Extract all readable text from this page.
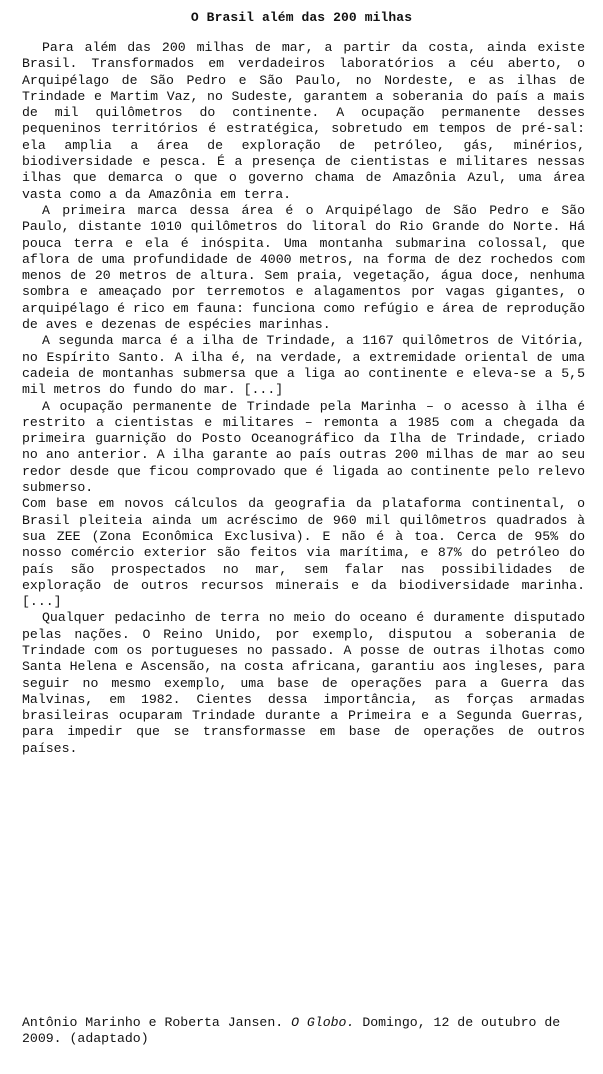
O Brasil além das 200 milhas

Para além das 200 milhas de mar, a partir da costa, ainda existe Brasil. Transformados em verdadeiros laboratórios a céu aberto, o Arquipélago de São Pedro e São Paulo, no Nordeste, e as ilhas de Trindade e Martim Vaz, no Sudeste, garantem a soberania do país a mais de mil quilômetros do continente. A ocupação permanente desses pequeninos territórios é estratégica, sobretudo em tempos de pré-sal: ela amplia a área de exploração de petróleo, gás, minérios, biodiversidade e pesca. É a presença de cientistas e militares nessas ilhas que demarca o que o governo chama de Amazônia Azul, uma área vasta como a da Amazônia em terra.

A primeira marca dessa área é o Arquipélago de São Pedro e São Paulo, distante 1010 quilômetros do litoral do Rio Grande do Norte. Há pouca terra e ela é inóspita. Uma montanha submarina colossal, que aflora de uma profundidade de 4000 metros, na forma de dez rochedos com menos de 20 metros de altura. Sem praia, vegetação, água doce, nenhuma sombra e ameaçado por terremotos e alagamentos por vagas gigantes, o arquipélago é rico em fauna: funciona como refúgio e área de reprodução de aves e dezenas de espécies marinhas.

A segunda marca é a ilha de Trindade, a 1167 quilômetros de Vitória, no Espírito Santo. A ilha é, na verdade, a extremidade oriental de uma cadeia de montanhas submersa que a liga ao continente e eleva-se a 5,5 mil metros do fundo do mar. [...]

A ocupação permanente de Trindade pela Marinha – o acesso à ilha é restrito a cientistas e militares – remonta a 1985 com a chegada da primeira guarnição do Posto Oceanográfico da Ilha de Trindade, criado no ano anterior. A ilha garante ao país outras 200 milhas de mar ao seu redor desde que ficou comprovado que é ligada ao continente pelo relevo submerso.

Com base em novos cálculos da geografia da plataforma continental, o Brasil pleiteia ainda um acréscimo de 960 mil quilômetros quadrados à sua ZEE (Zona Econômica Exclusiva). E não é à toa. Cerca de 95% do nosso comércio exterior são feitos via marítima, e 87% do petróleo do país são prospectados no mar, sem falar nas possibilidades de exploração de outros recursos minerais e da biodiversidade marinha.[...]

Qualquer pedacinho de terra no meio do oceano é duramente disputado pelas nações. O Reino Unido, por exemplo, disputou a soberania de Trindade com os portugueses no passado. A posse de outras ilhotas como Santa Helena e Ascensão, na costa africana, garantiu aos ingleses, para seguir no mesmo exemplo, uma base de operações para a Guerra das Malvinas, em 1982. Cientes dessa importância, as forças armadas brasileiras ocuparam Trindade durante a Primeira e a Segunda Guerras, para impedir que se transformasse em base de operações de outros países.

Antônio Marinho e Roberta Jansen. O Globo. Domingo, 12 de outubro de 2009. (adaptado)
